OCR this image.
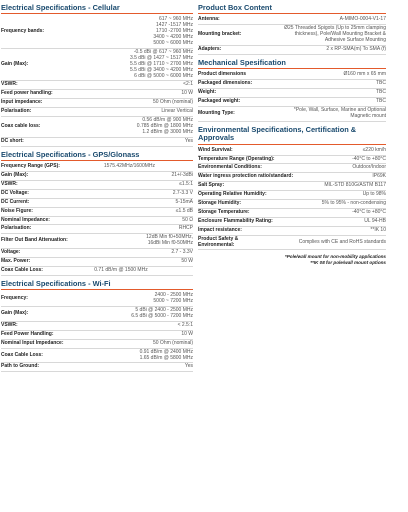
Electrical Specifications - Cellular
Frequency bands:
617 ~ 960 MHz
1427 -1517 MHz
1710 -2700 MHz
3400 ~ 4200 MHz
5000 ~ 6000 MHz
Gain (Max):
-0.5 dBi @ 617 ~ 960 MHz
3.5 dBi @ 1427 ~ 1517 MHz
5.5 dBi @ 1710 ~ 2700 MHz
5.5 dBi @ 3400 ~ 4200 MHz
6 dBi @ 5000 ~ 6000 MHz
VSWR:	<2:1
Feed power handling:	10 W
Input impedance:	50 Ohm (nominal)
Polarisation:	Linear Vertical
Coax cable loss:
0.56 dB/m @ 900 MHz
0.785 dB/m @ 1800 MHz
1.2 dB/m @ 3000 MHz
DC short:	Yes
Electrical Specifications - GPS/Glonass
Frequency Range (GPS):	1575.42MHz/1600MHz
Gain (Max):	21+/-3dBi
VSWR:	≤1.5:1
DC Voltage:	2.7-3.3 V
DC Current:	5-15mA
Noise Figure:	≤1.5 dB
Nominal Impedance:	50 Ω
Polarisation:	RHCP
Filter Out Band Attenuation:	12dB Min f0+50MHz,
16dBi Min f0-50MHz
Voltage:	2.7 - 3.3V
Max. Power:	50 W
Coax Cable Loss:	0.71 dB/m @ 1500 MHz
Electrical Specifications - Wi-Fi
Frequency:	2400 - 2500 MHz
5000 ~ 7200 MHz
Gain (Max):	5 dBi @ 2400 - 2500 MHz
6.5 dBi @ 5000 - 7200 MHz
VSWR:	< 2.5:1
Feed Power Handling:	10 W
Nominal Input Impedance:	50 Ohm (nominal)
Coax Cable Loss:	0.91 dB/m @ 2400 MHz
1.65 dB/m @ 5800 MHz
Path to Ground:	Yes
Product Box Content
Antenna:	A-MIMO-0004-V1-17
Mounting bracket:
Ø25 Threaded Spigots (Up to 25mm clamping thickness), Pole/Wall Mounting Bracket & Adhesive Surface Mounting
Adapters:	2 x RP-SMA(m) To SMA (f)
Mechanical Spesification
Product dimensions	Ø160 mm x 65 mm
Packaged dimensions:	TBC
Weight:	TBC
Packaged weight:	TBC
Mounting Type:	*Pole, Wall, Surface, Marine and Optional Magnetic mount
Environmental Specifications, Certification & Approvals
Wind Survival:	≤220 km/h
Temperature Range (Operating):	-40°C to +80°C
Environmental Conditions:	Outdoor/Indoor
Water ingress protection ratio/standard:	IP69K
Salt Spray:	MIL-STD 810G/ASTM B117
Operating Relative Humidity:	Up to 98%
Storage Humidity:	5% to 95% - non-condensing
Storage Temperature:	-40°C to +80°C
Enclosure Flammability Rating:	UL 94-HB
Impact resistance:	**IK 10
Product Safety & Environmental:	Complies with CE and RoHS standards
*Pole/wall mount for non-mobility applications
**IK 08 for pole/wall mount options
